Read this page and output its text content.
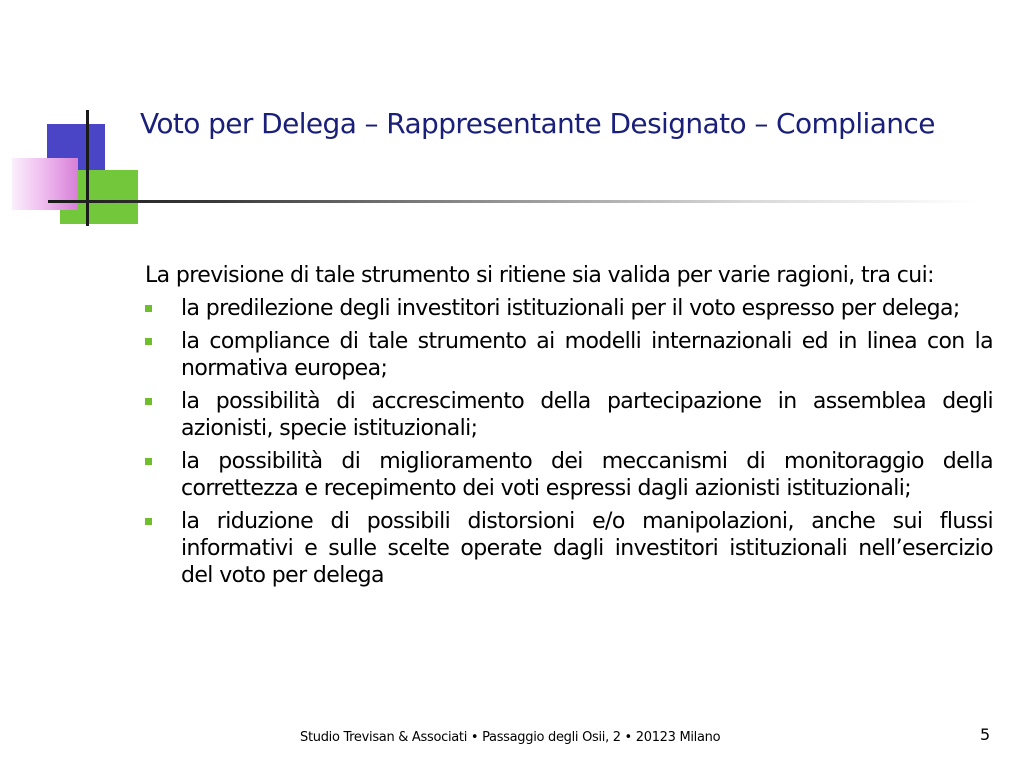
Voto per Delega – Rappresentante Designato – Compliance

La previsione di tale strumento si ritiene sia valida per varie ragioni, tra cui:

la predilezione degli investitori istituzionali per il voto espresso per delega;
la compliance di tale strumento ai modelli internazionali ed in linea con la normativa europea;
la possibilità di accrescimento della partecipazione in assemblea degli azionisti, specie istituzionali;
la possibilità di miglioramento dei meccanismi di monitoraggio della correttezza e recepimento dei voti espressi dagli azionisti istituzionali;
la riduzione di possibili distorsioni e/o manipolazioni, anche sui flussi informativi e sulle scelte operate dagli investitori istituzionali nell’esercizio del voto per delega
Studio Trevisan & Associati • Passaggio degli Osii, 2 • 20123 Milano	5
